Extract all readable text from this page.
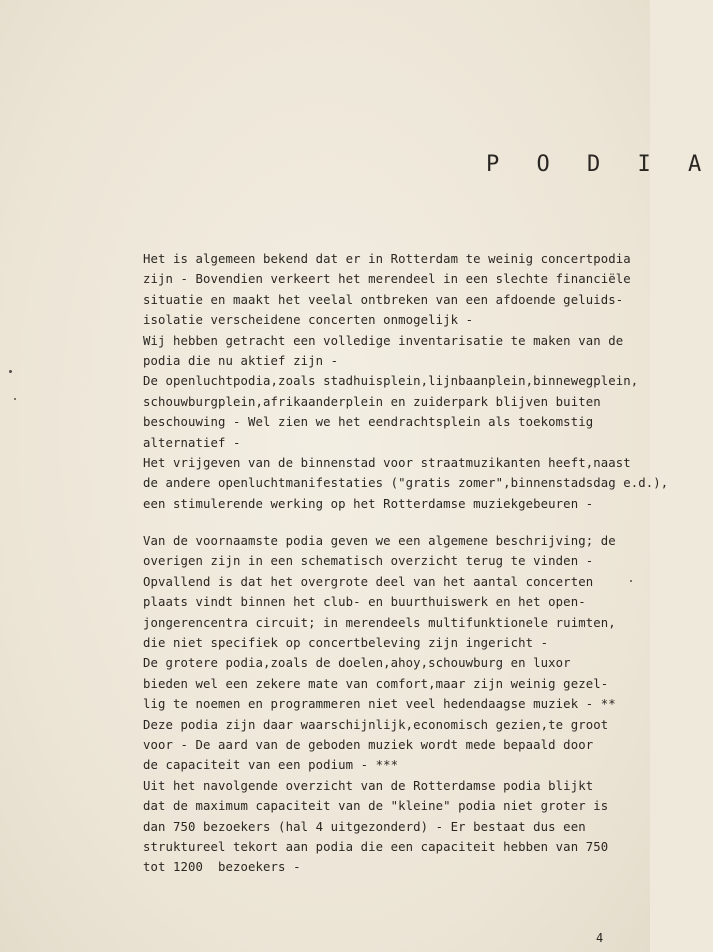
P O D I A
Het is algemeen bekend dat er in Rotterdam te weinig concertpodia
zijn - Bovendien verkeert het merendeel in een slechte financiële
situatie en maakt het veelal ontbreken van een afdoende geluids-
isolatie verscheidene concerten onmogelijk -
Wij hebben getracht een volledige inventarisatie te maken van de
podia die nu aktief zijn -
De openluchtpodia,zoals stadhuisplein,lijnbaanplein,binnewegplein,
schouwburgplein,afrikaanderplein en zuiderpark blijven buiten
beschouwing - Wel zien we het eendrachtsplein als toekomstig
alternatief -
Het vrijgeven van de binnenstad voor straatmuzikanten heeft,naast
de andere openluchtmanifestaties ("gratis zomer",binnenstadsdag e.d.),
een stimulerende werking op het Rotterdamse muziekgebeuren -
Van de voornaamste podia geven we een algemene beschrijving; de
overigen zijn in een schematisch overzicht terug te vinden -
Opvallend is dat het overgrote deel van het aantal concerten
plaats vindt binnen het club- en buurthuiswerk en het open-
jongerencentra circuit; in merendeels multifunktionele ruimten,
die niet specifiek op concertbeleving zijn ingericht -
De grotere podia,zoals de doelen,ahoy,schouwburg en luxor
bieden wel een zekere mate van comfort,maar zijn weinig gezel-
lig te noemen en programmeren niet veel hedendaagse muziek - **
Deze podia zijn daar waarschijnlijk,economisch gezien,te groot
voor - De aard van de geboden muziek wordt mede bepaald door
de capaciteit van een podium - ***
Uit het navolgende overzicht van de Rotterdamse podia blijkt
dat de maximum capaciteit van de "kleine" podia niet groter is
dan 750 bezoekers (hal 4 uitgezonderd) - Er bestaat dus een
struktureel tekort aan podia die een capaciteit hebben van 750
tot 1200  bezoekers -
4
